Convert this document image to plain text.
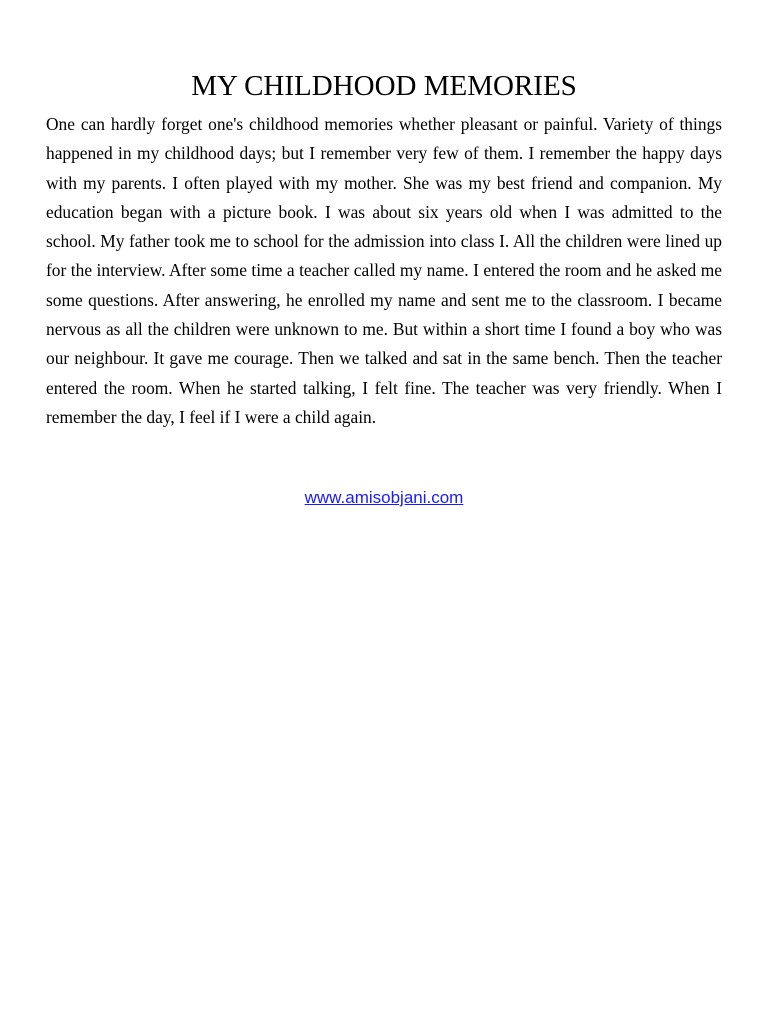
MY CHILDHOOD MEMORIES

One can hardly forget one's childhood memories whether pleasant or painful. Variety of things happened in my childhood days; but I remember very few of them. I remember the happy days with my parents. I often played with my mother. She was my best friend and companion. My education began with a picture book. I was about six years old when I was admitted to the school. My father took me to school for the admission into class I. All the children were lined up for the interview. After some time a teacher called my name. I entered the room and he asked me some questions. After answering, he enrolled my name and sent me to the classroom. I became nervous as all the children were unknown to me. But within a short time I found a boy who was our neighbour. It gave me courage. Then we talked and sat in the same bench. Then the teacher entered the room. When he started talking, I felt fine. The teacher was very friendly. When I remember the day, I feel if I were a child again.

www.amisobjani.com
